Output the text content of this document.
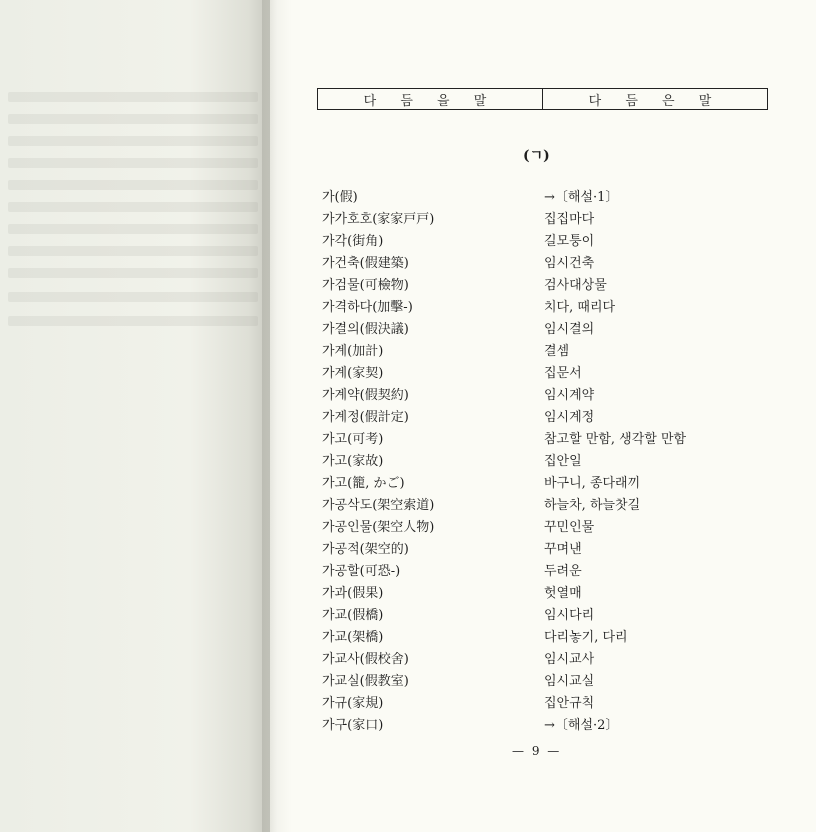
다 듬 을 말	다 듬 은 말
(ㄱ)
가(假)	→〔해설·1〕
가가호호(家家戸戸)	집집마다
가각(街角)	길모퉁이
가건축(假建築)	임시건축
가검물(可檢物)	검사대상물
가격하다(加擊-)	치다, 때리다
가결의(假決議)	임시결의
가계(加計)	결셈
가계(家契)	집문서
가계약(假契約)	임시계약
가계정(假計定)	임시계정
가고(可考)	참고할 만함, 생각할 만함
가고(家故)	집안일
가고(籠, かご)	바구니, 종다래끼
가공삭도(架空索道)	하늘차, 하늘찻길
가공인물(架空人物)	꾸민인물
가공적(架空的)	꾸며낸
가공할(可恐-)	두려운
가과(假果)	헛열매
가교(假橋)	임시다리
가교(架橋)	다리놓기, 다리
가교사(假校舍)	임시교사
가교실(假教室)	임시교실
가규(家規)	집안규칙
가구(家口)	→〔해설·2〕
— 9 —
